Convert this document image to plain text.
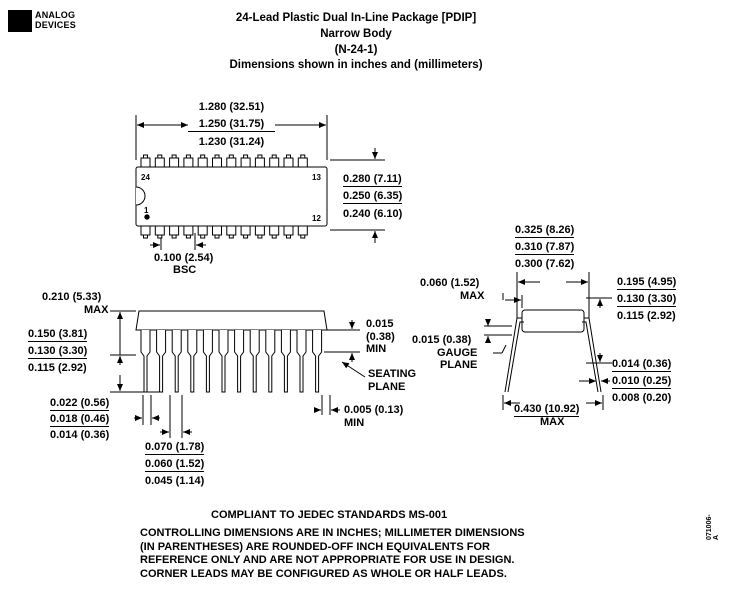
ANALOG
DEVICES
24-Lead Plastic Dual In-Line Package [PDIP]
Narrow Body
(N-24-1)
Dimensions shown in inches and (millimeters)
1.280 (32.51)
1.250 (31.75)
1.230 (31.24)
24	13
1
12
0.280 (7.11)
0.250 (6.35)
0.240 (6.10)
0.100 (2.54)
BSC
0.210 (5.33)
MAX
0.150 (3.81)
0.130 (3.30)
0.115 (2.92)
0.022 (0.56)
0.018 (0.46)
0.014 (0.36)
0.070 (1.78)
0.060 (1.52)
0.045 (1.14)
0.015
(0.38)
MIN
SEATING
PLANE
0.005 (0.13)
MIN
0.325 (8.26)
0.310 (7.87)
0.300 (7.62)
0.060 (1.52)
MAX
0.015 (0.38)
GAUGE
PLANE
0.195 (4.95)
0.130 (3.30)
0.115 (2.92)
0.014 (0.36)
0.010 (0.25)
0.008 (0.20)
0.430 (10.92)
MAX
COMPLIANT TO JEDEC STANDARDS MS-001
CONTROLLING DIMENSIONS ARE IN INCHES; MILLIMETER DIMENSIONS
(IN PARENTHESES) ARE ROUNDED-OFF INCH EQUIVALENTS FOR
REFERENCE ONLY AND ARE NOT APPROPRIATE FOR USE IN DESIGN.
CORNER LEADS MAY BE CONFIGURED AS WHOLE OR HALF LEADS.
071006-A
